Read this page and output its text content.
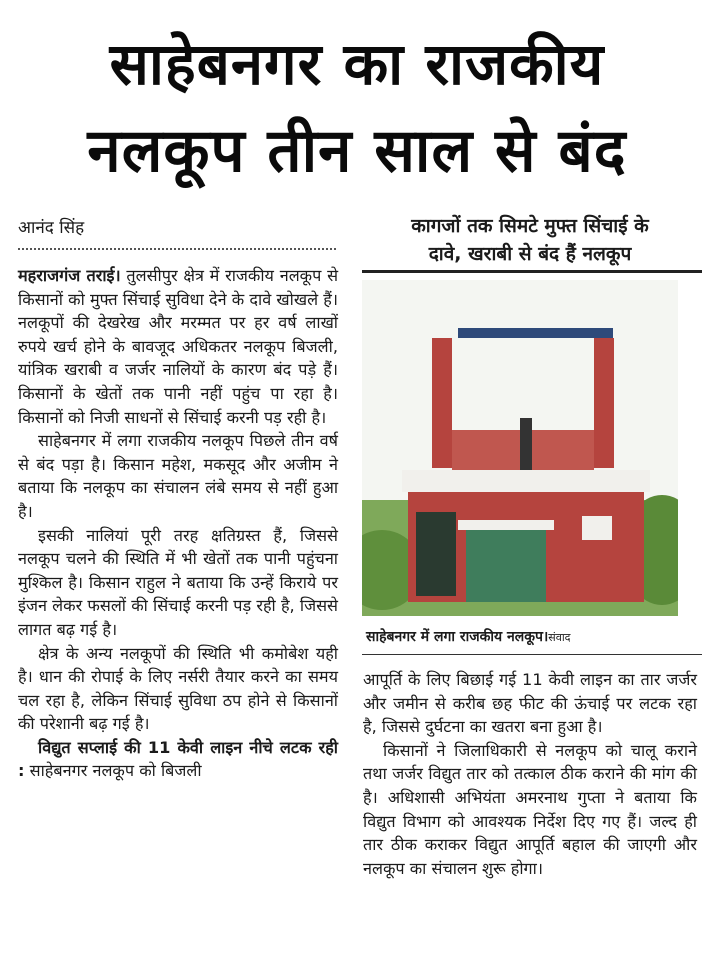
साहेबनगर का राजकीय
नलकूप तीन साल से बंद
आनंद सिंह	कागजों तक सिमटे मुफ्त सिंचाई के
दावे, खराबी से बंद हैं नलकूप

महराजगंज तराई। तुलसीपुर क्षेत्र में राजकीय नलकूप से किसानों को मुफ्त सिंचाई सुविधा देने के दावे खोखले हैं। नलकूपों की देखरेख और मरम्मत पर हर वर्ष लाखों रुपये खर्च होने के बावजूद अधिकतर नलकूप बिजली, यांत्रिक खराबी व जर्जर नालियों के कारण बंद पड़े हैं। किसानों के खेतों तक पानी नहीं पहुंच पा रहा है। किसानों को निजी साधनों से सिंचाई करनी पड़ रही है।

साहेबनगर में लगा राजकीय नलकूप पिछले तीन वर्ष से बंद पड़ा है। किसान महेश, मकसूद और अजीम ने बताया कि नलकूप का संचालन लंबे समय से नहीं हुआ है।

इसकी नालियां पूरी तरह क्षतिग्रस्त हैं, जिससे नलकूप चलने की स्थिति में भी खेतों तक पानी पहुंचना मुश्किल है। किसान राहुल ने बताया कि उन्हें किराये पर इंजन लेकर फसलों की सिंचाई करनी पड़ रही है, जिससे लागत बढ़ गई है।

क्षेत्र के अन्य नलकूपों की स्थिति भी कमोबेश यही है। धान की रोपाई के लिए नर्सरी तैयार करने का समय चल रहा है, लेकिन सिंचाई सुविधा ठप होने से किसानों की परेशानी बढ़ गई है।

विद्युत सप्लाई की 11 केवी लाइन नीचे लटक रही : साहेबनगर नलकूप को बिजली

साहेबनगर में लगा राजकीय नलकूप।संवाद

आपूर्ति के लिए बिछाई गई 11 केवी लाइन का तार जर्जर और जमीन से करीब छह फीट की ऊंचाई पर लटक रहा है, जिससे दुर्घटना का खतरा बना हुआ है।

किसानों ने जिलाधिकारी से नलकूप को चालू कराने तथा जर्जर विद्युत तार को तत्काल ठीक कराने की मांग की है। अधिशासी अभियंता अमरनाथ गुप्ता ने बताया कि विद्युत विभाग को आवश्यक निर्देश दिए गए हैं। जल्द ही तार ठीक कराकर विद्युत आपूर्ति बहाल की जाएगी और नलकूप का संचालन शुरू होगा।
